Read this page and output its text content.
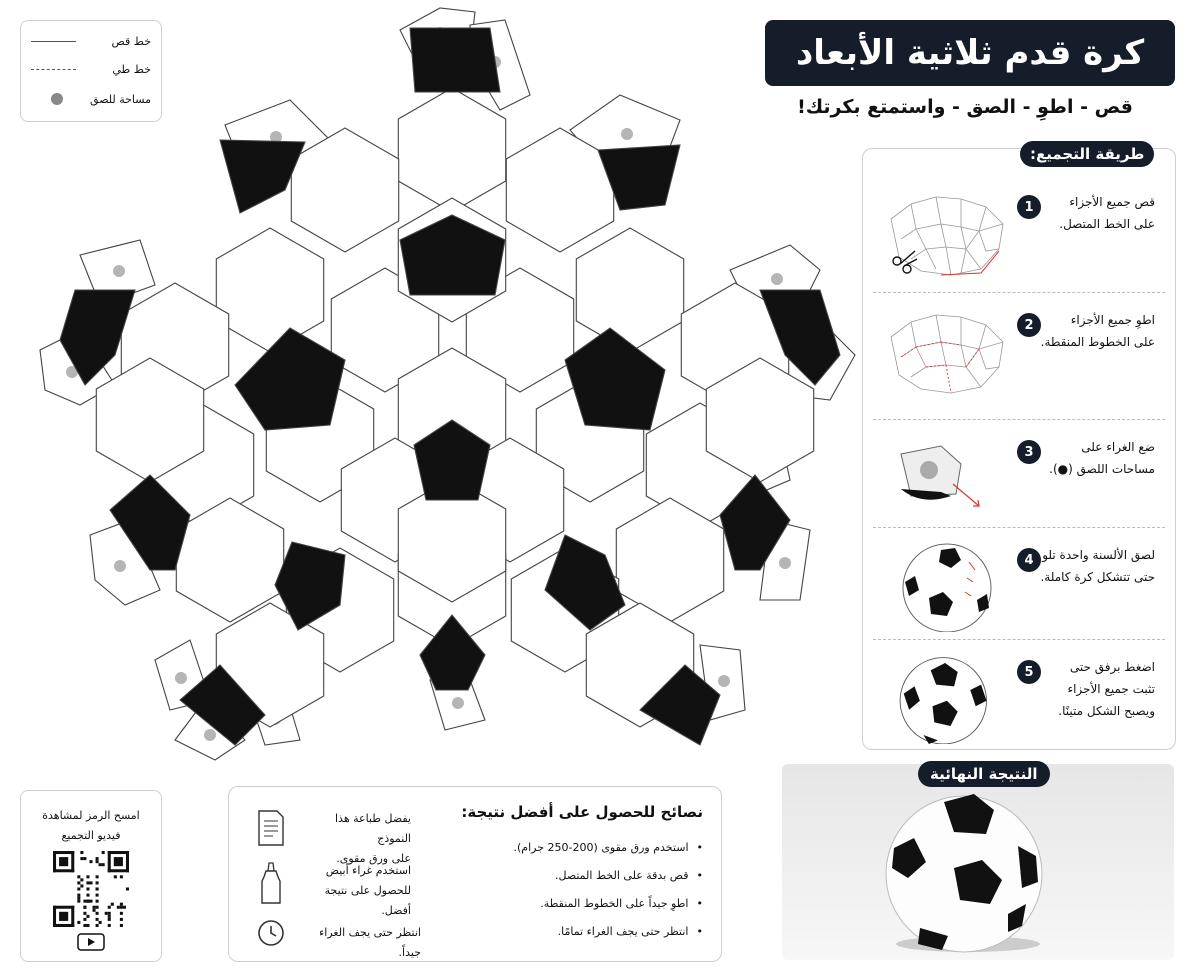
خط قص
خط طي
مساحة للصق
كرة قدم ثلاثية الأبعاد
قص - اطوِ - الصق - واستمتع بكرتك!
1	قص جميع الأجزاء
على الخط المتصل.
2	اطوِ جميع الأجزاء
على الخطوط المنقطة.
3	ضع الغراء على
مساحات اللصق (●).
4 لصق الألسنة واحدة تلو
حتى تتشكل كرة كاملة.
5	اضغط برفق حتى
تثبت جميع الأجزاء
ويصبح الشكل متينًا.
طريقة التجميع:
النتيجة النهائية
امسح الرمز لمشاهدة
فيديو التجميع
نصائح للحصول على أفضل نتيجة:
• استخدم ورق مقوى (200-250 جرام).
• قص بدقة على الخط المتصل.
• اطوِ جيداً على الخطوط المنقطة.
• انتظر حتى يجف الغراء تمامًا.
يفضل طباعة هذا النموذج
على ورق مقوى.
استخدم غراء أبيض
للحصول على نتيجة أفضل.
انتظر حتى يجف الغراء جيداً.
